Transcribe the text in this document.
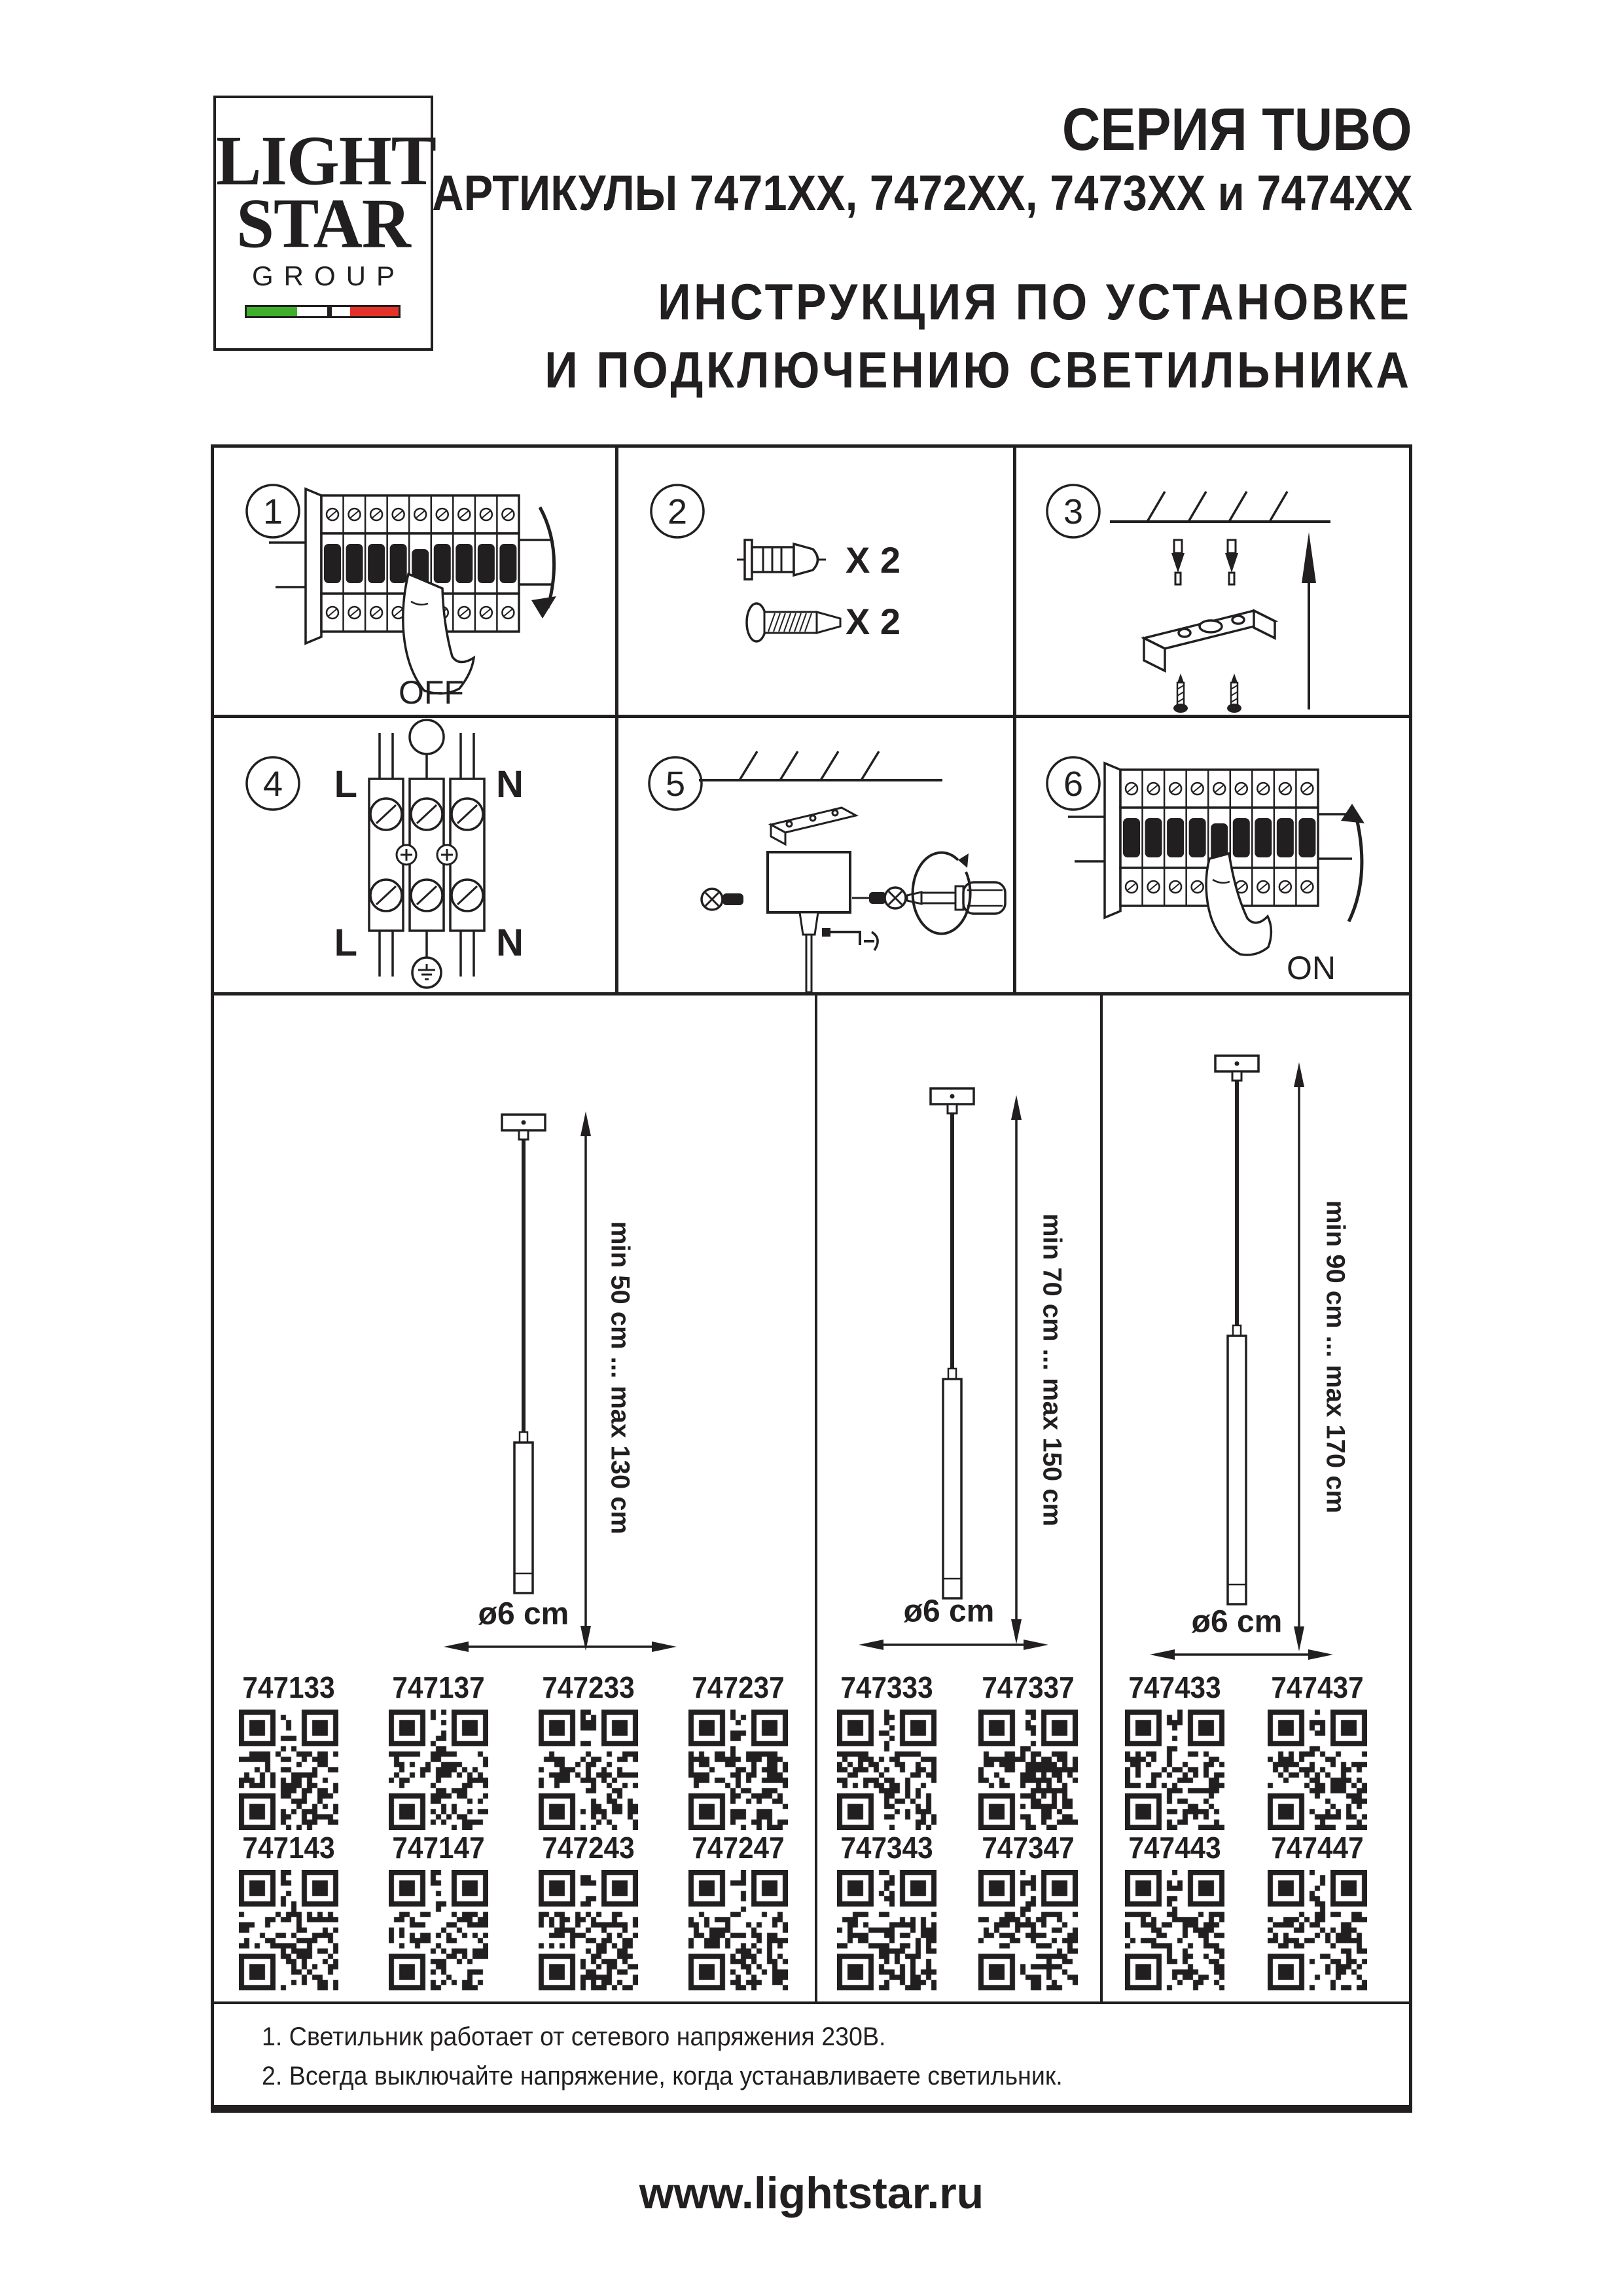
LIGHT
STAR
GROUP
СЕРИЯ TUBO
АРТИКУЛЫ 7471ХХ, 7472ХХ, 7473ХХ и 7474ХХ
ИНСТРУКЦИЯ ПО УСТАНОВКЕ
И ПОДКЛЮЧЕНИЮ СВЕТИЛЬНИКА
1
OFF
2
X 2
X 2
3
4 L	N
L	N
5	6
ON
min 50 cm ... max 130 cm	min 70 cm ... max 150 cm	min 90 cm ... max 170 cm
ø6 cm	ø6 cm	ø6 cm
747133	747137	747233	747237	747333	747337	747433	747437
747143	747147	747243	747247	747343	747347	747443	747447
1. Светильник работает от сетевого напряжения 230В.
2. Всегда выключайте напряжение, когда устанавливаете светильник.
www.lightstar.ru
